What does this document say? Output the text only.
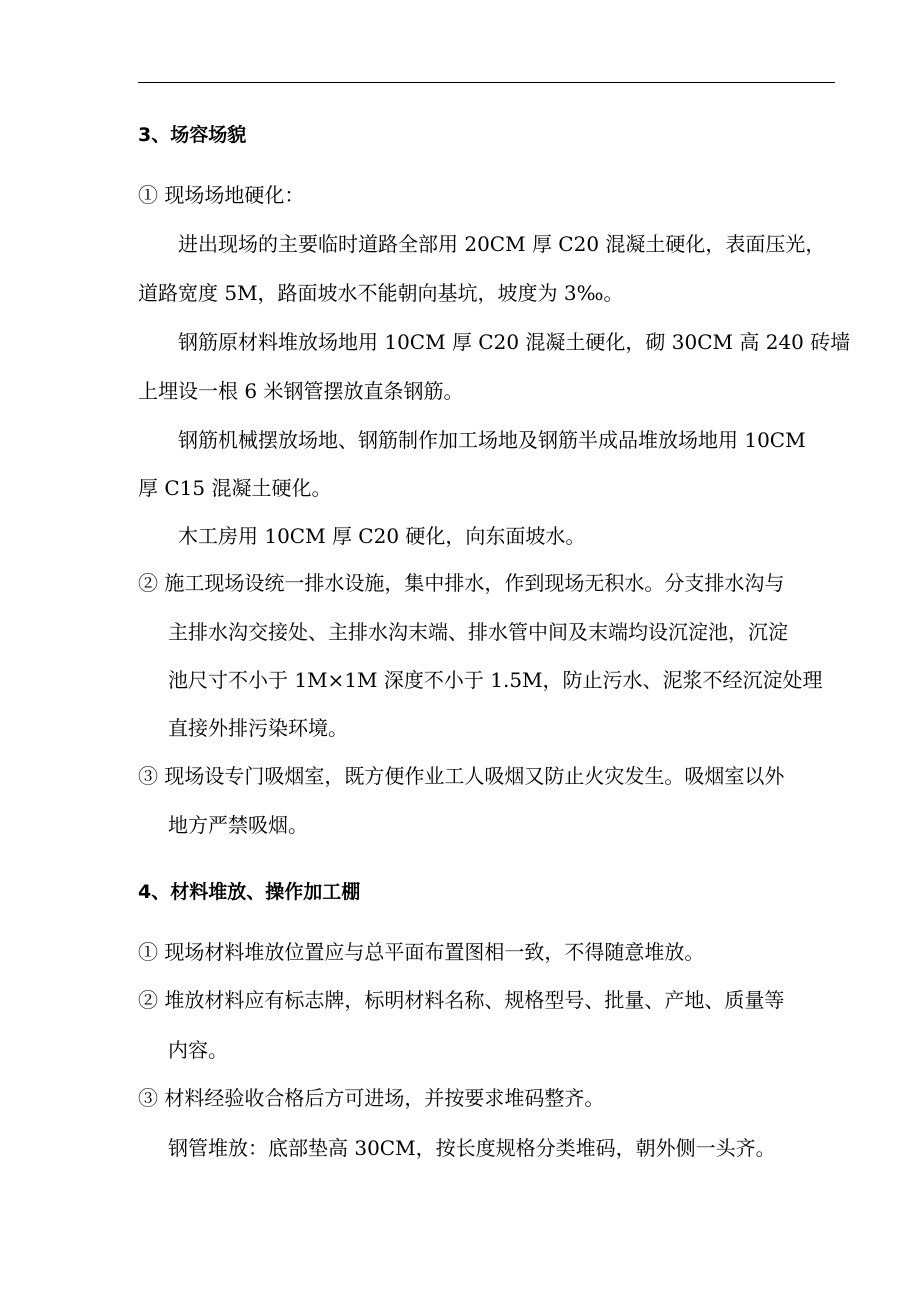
3、场容场貌
① 现场场地硬化：
进出现场的主要临时道路全部用 20CM 厚 C20 混凝土硬化，表面压光，
道路宽度 5M，路面坡水不能朝向基坑，坡度为 3‰。
钢筋原材料堆放场地用 10CM 厚 C20 混凝土硬化，砌 30CM 高 240 砖墙
上埋设一根 6 米钢管摆放直条钢筋。
钢筋机械摆放场地、钢筋制作加工场地及钢筋半成品堆放场地用 10CM
厚 C15 混凝土硬化。
木工房用 10CM 厚 C20 硬化，向东面坡水。
② 施工现场设统一排水设施，集中排水，作到现场无积水。分支排水沟与
主排水沟交接处、主排水沟末端、排水管中间及末端均设沉淀池，沉淀
池尺寸不小于 1M×1M 深度不小于 1.5M，防止污水、泥浆不经沉淀处理
直接外排污染环境。
③ 现场设专门吸烟室，既方便作业工人吸烟又防止火灾发生。吸烟室以外
地方严禁吸烟。
4、材料堆放、操作加工棚
① 现场材料堆放位置应与总平面布置图相一致，不得随意堆放。
② 堆放材料应有标志牌，标明材料名称、规格型号、批量、产地、质量等
内容。
③ 材料经验收合格后方可进场，并按要求堆码整齐。
钢管堆放：底部垫高 30CM，按长度规格分类堆码，朝外侧一头齐。
